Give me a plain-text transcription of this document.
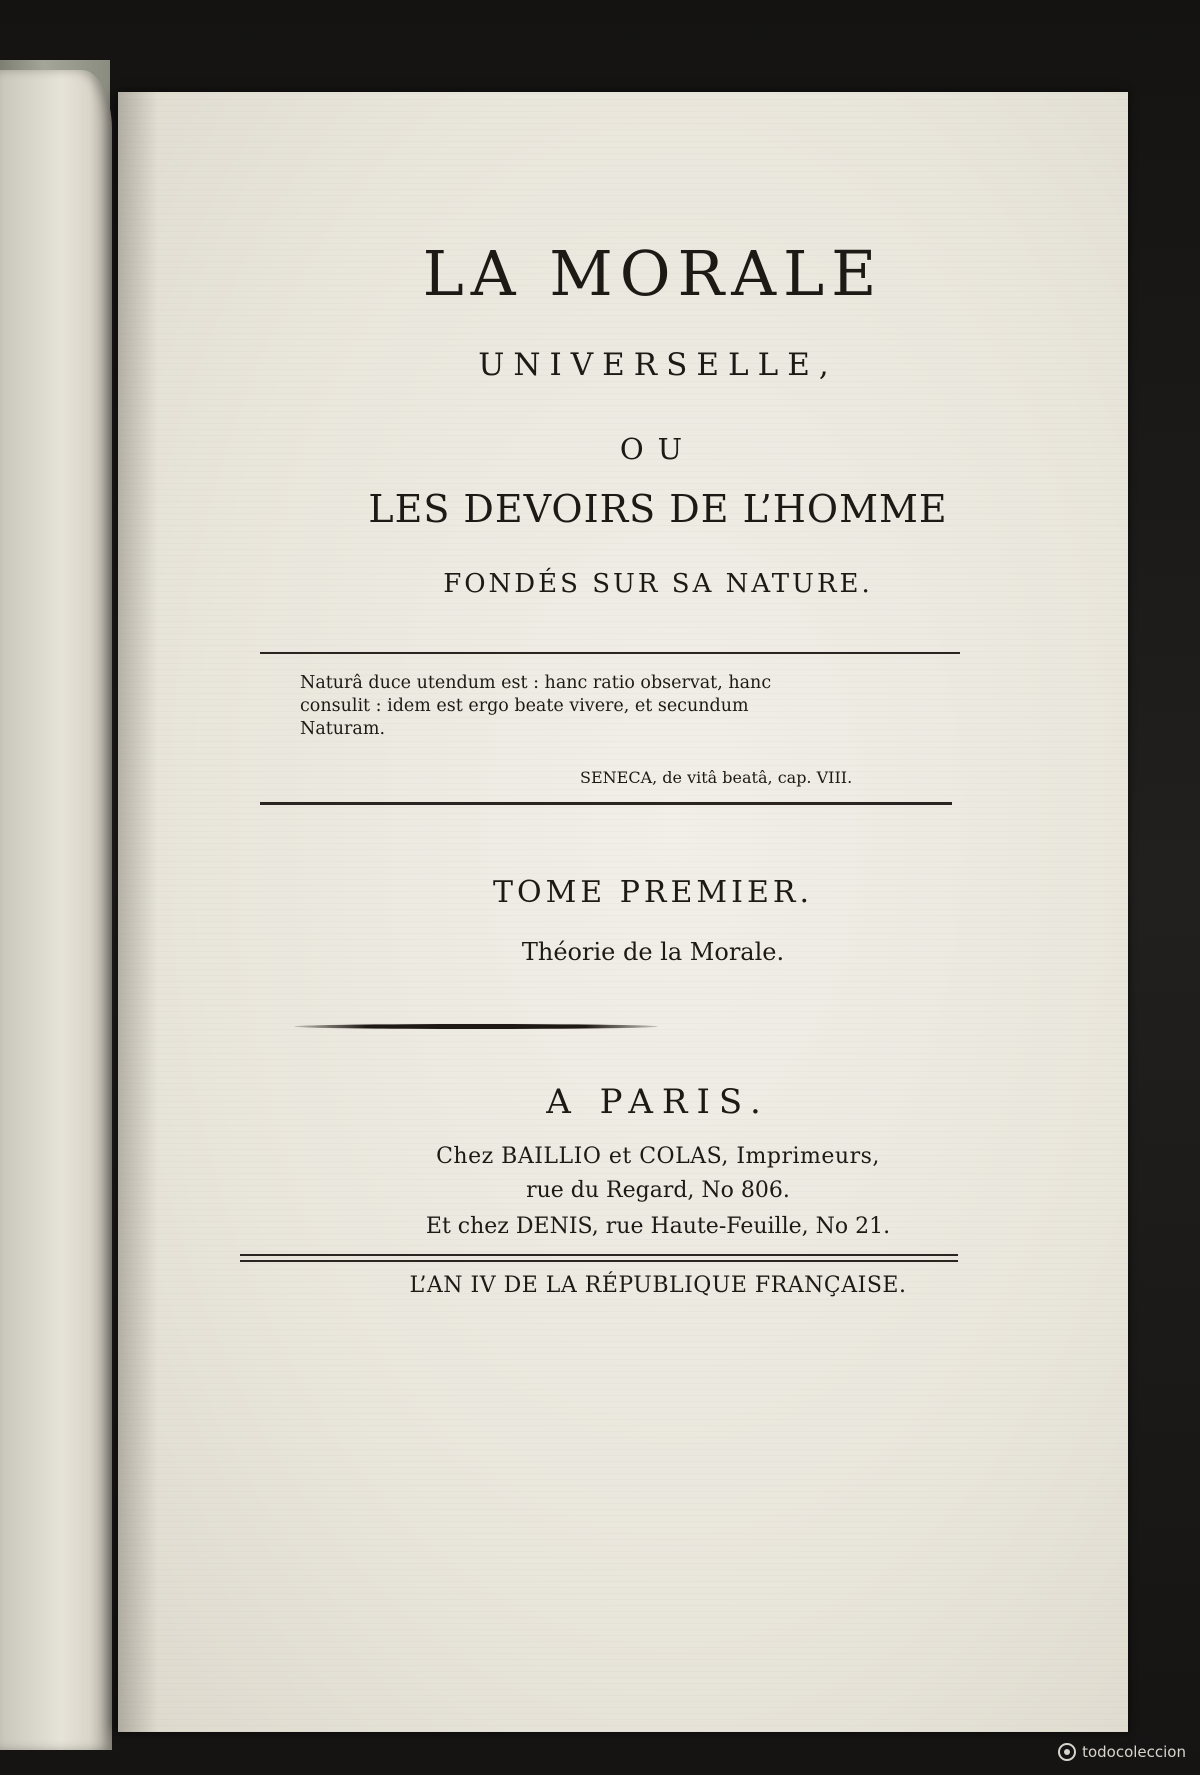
LA MORALE
UNIVERSELLE,
OU
LES DEVOIRS DE L’HOMME
FONDÉS SUR SA NATURE.
Naturâ duce utendum est : hanc ratio observat, hanc
consulit : idem est ergo beate vivere, et secundum
Naturam.
SENECA, de vitâ beatâ, cap. VIII.
TOME PREMIER.
Théorie de la Morale.
A PARIS.
Chez BAILLIO et COLAS, Imprimeurs,
rue du Regard, No 806.
Et chez DENIS, rue Haute-Feuille, No 21.
L’AN IV DE LA RÉPUBLIQUE FRANÇAISE.
todocoleccion
